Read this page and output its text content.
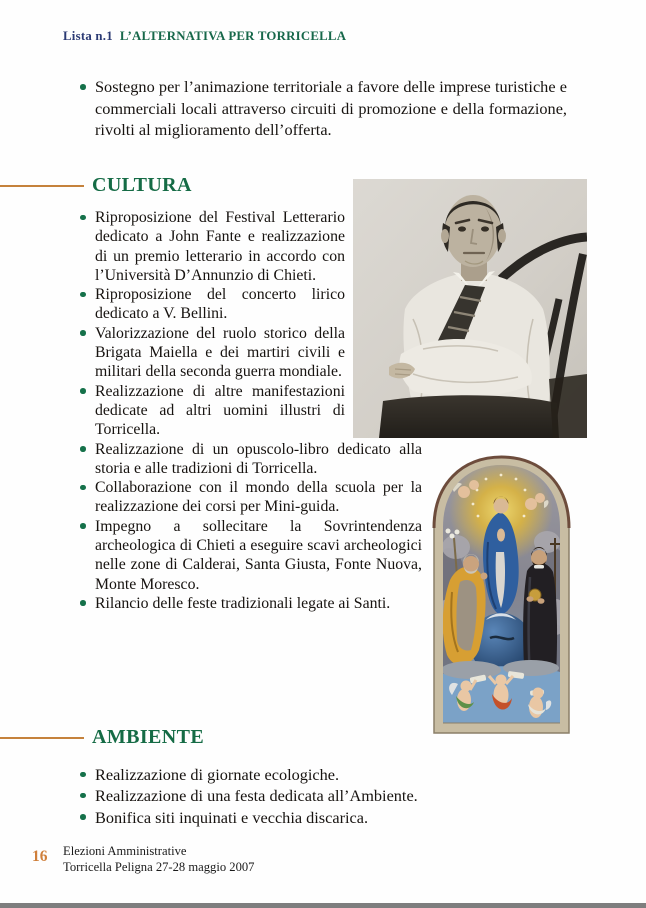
Lista n.1 L’ALTERNATIVA PER TORRICELLA
Sostegno per l’animazione territoriale a favore delle imprese turistiche e commerciali locali attraverso circuiti di promozione e della formazione, rivolti al miglioramento dell’offerta.
CULTURA
Riproposizione del Festival Letterario dedicato a John Fante e realizzazione di un premio letterario in accordo con l’Università D’Annunzio di Chieti.
Riproposizione del concerto lirico dedicato a V. Bellini.
Valorizzazione del ruolo storico della Brigata Maiella e dei martiri civili e militari della seconda guerra mondiale.
Realizzazione di altre manifestazioni dedicate ad altri uomini illustri di Torricella.
Realizzazione di un opuscolo-libro dedicato alla storia e alle tradizioni di Torricella.
Collaborazione con il mondo della scuola per la realizzazione dei corsi per Mini-guida.
Impegno a sollecitare la Sovrintendenza archeologica di Chieti a eseguire scavi archeologici nelle zone di Calderai, Santa Giusta, Fonte Nuova, Monte Moresco.
Rilancio delle feste tradizionali legate ai Santi.
AMBIENTE
Realizzazione di giornate ecologiche.
Realizzazione di una festa dedicata all’Ambiente.
Bonifica siti inquinati e vecchia discarica.
16 Elezioni Amministrative
Torricella Peligna 27-28 maggio 2007
